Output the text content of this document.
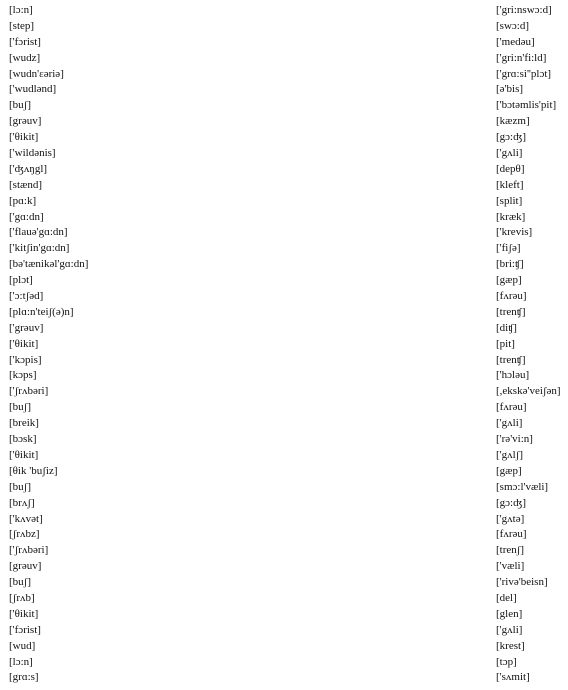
[lɔ:n]
[step]
['fɔrist]
[wudz]
[wudn'ɛəriə]
['wudlənd]
[buʃ]
[grəuv]
['θikit]
['wildənis]
['ʤʌŋgl]
[stænd]
[pɑ:k]
['gɑ:dn]
['flauə'gɑ:dn]
['kitʃin'gɑ:dn]
[bə'tænikəl'gɑ:dn]
[plɔt]
['ɔ:tʃəd]
[plɑ:n'teiʃ(ə)n]
['grəuv]
['θikit]
['kɔpis]
[kɔps]
['ʃrʌbəri]
[buʃ]
[breik]
[bɔsk]
['θikit]
[θik 'buʃiz]
[buʃ]
[brʌʃ]
['kʌvət]
[ʃrʌbz]
['ʃrʌbəri]
[grəuv]
[buʃ]
[ʃrʌb]
['θikit]
['fɔrist]
[wud]
[lɔ:n]
[grɑ:s]
['gri:nswɔ:d]
[swɔ:d]
['medəu]
['gri:n'fi:ld]
['grɑ:si''plɔt]
[ə'bis]
['bɔtəmlis'pit]
[kæzm]
[gɔ:ʤ]
['gʌli]
[depθ]
[kleft]
[split]
[kræk]
['krevis]
['fiʃə]
[bri:ʧ]
[gæp]
[fʌrəu]
[trenʧ]
[diʧ]
[pit]
[trenʧ]
['hɔləu]
[,ekskə'veiʃən]
[fʌrəu]
['gʌli]
['rə'vi:n]
['gʌlʃ]
[gæp]
[smɔ:l'væli]
[gɔ:ʤ]
['gʌtə]
[fʌrəu]
[trenʃ]
['væli]
['rivə'beisn]
[del]
[glen]
['gʌli]
[krest]
[tɔp]
['sʌmit]
